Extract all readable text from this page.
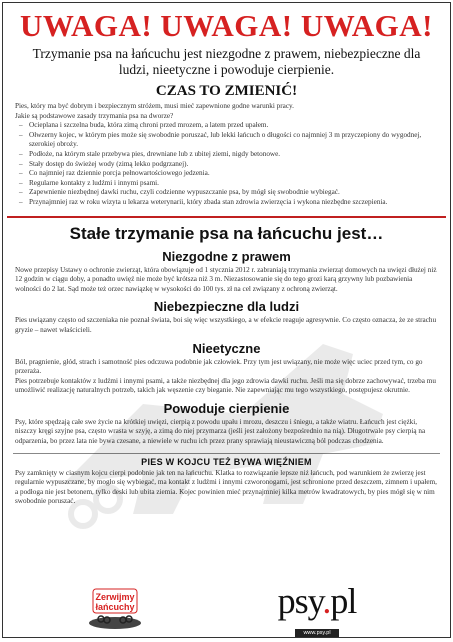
UWAGA! UWAGA! UWAGA!
Trzymanie psa na łańcuchu jest niezgodne z prawem, niebezpieczne dla ludzi, nieetyczne i powoduje cierpienie.
CZAS TO ZMIENIĆ!

Pies, który ma być dobrym i bezpiecznym stróżem, musi mieć zapewnione godne warunki pracy.

Jakie są podstawowe zasady trzymania psa na dworze?

– Ocieplana i szczelna buda, która zimą chroni przed mrozem, a latem przed upałem.
– Ołwzerny kojec, w którym pies może się swobodnie poruszać, lub lekki łańcuch o długości co najmniej 3 m przyczepiony do wygodnej, szerokiej obroży.
– Podłoże, na którym stale przebywa pies, drewniane lub z ubitej ziemi, nigdy betonowe.
– Stały dostęp do świeżej wody (zimą lekko podgrzanej).
– Co najmniej raz dziennie porcja pełnowartościowego jedzenia.
– Regularne kontakty z ludźmi i innymi psami.
– Zapewnienie niezbędnej dawki ruchu, czyli codzienne wypuszczanie psa, by mógł się swobodnie wybiegać.
– Przynajmniej raz w roku wizyta u lekarza weterynarii, który zbada stan zdrowia zwierzęcia i wykona niezbędne szczepienia.
Stałe trzymanie psa na łańcuchu jest…
Niezgodne z prawem
Nowe przepisy Ustawy o ochronie zwierząt, która obowiązuje od 1 stycznia 2012 r. zabraniają trzymania zwierząt domowych na uwięzi dłużej niż 12 godzin w ciągu doby, a ponadto uwięź nie może być krótsza niż 3 m. Niezastosowanie się do tego grozi karą grzywny lub pozbawienia wolności do 2 lat. Sąd może też orzec nawiązkę w wysokości do 100 tys. zł na cel związany z ochroną zwierząt.
Niebezpieczne dla ludzi
Pies uwiązany często od szczeniaka nie poznał świata, boi się więc wszystkiego, a w efekcie reaguje agresywnie. Co często oznacza, że ze strachu gryzie – nawet właścicieli.
Nieetyczne

Ból, pragnienie, głód, strach i samotność pies odczuwa podobnie jak człowiek. Przy tym jest uwiązany, nie może więc uciec przed tym, co go przeraża.

Pies potrzebuje kontaktów z ludźmi i innymi psami, a także niezbędnej dla jego zdrowia dawki ruchu. Jeśli ma się dobrze zachowywać, trzeba mu umożliwić realizację naturalnych potrzeb, takich jak węszenie czy bieganie. Nie zapewniając mu tego wszystkiego, postępujesz okrutnie.

Powoduje cierpienie
Psy, które spędzają całe swe życie na krótkiej uwięzi, cierpią z powodu upału i mrozu, deszczu i śniegu, a także wiatru. Łańcuch jest ciężki, niszczy kręgi szyjne psa, często wrasta w szyję, a zimą do niej przymarza (jeśli jest założony bezpośrednio na nią). Długotrwale psy cierpią na odparzenia, bo przez lata nie bywa czesane, a niewiele w ruchu ich przez prany sprawiają nieustawiczną ból podczas chodzenia.
PIES W KOJCU TEŻ BYWA WIĘŹNIEM
Psy zamknięty w ciasnym kojcu cierpi podobnie jak ten na łańcuchu. Klatka to rozwiązanie lepsze niż łańcuch, pod warunkiem że zwierzę jest regularnie wypuszczane, by mogło się wybiegać, ma kontakt z ludźmi i innymi czworonogami, jest schronione przed deszczem, zimnem i upałem, a podłoga nie jest betonem, tylko deski lub ubita ziemia. Kojec powinien mieć przynajmniej kilka metrów kwadratowych, by pies mógł się w nim swobodnie poruszać.
Zerwijmy
łańcuchy	psy.pl
www.psy.pl
